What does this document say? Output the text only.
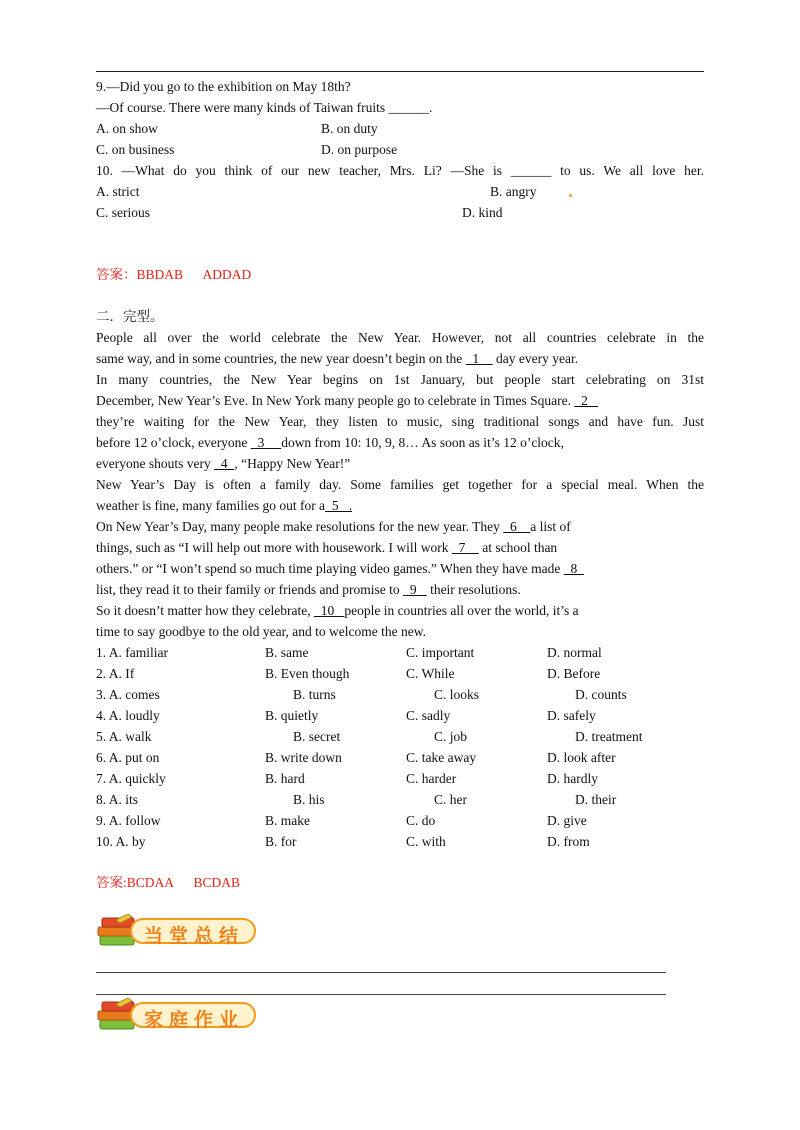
9.—Did you go to the exhibition on May 18th?
—Of course. There were many kinds of Taiwan fruits ______.
A. on show	B. on duty
C. on business	D. on purpose
10. —What do you think of our new teacher, Mrs. Li? —She is ______ to us. We all love her.
A. strict	B. angry
C. serious	D. kind
答案：BBDAB      ADDAD
二．完型。
People all over the world celebrate the New Year. However, not all countries celebrate in the
same way, and in some countries, the new year doesn’t begin on the   1     day every year.
In many countries, the New Year begins on 1st January, but people start celebrating on 31st
December, New Year’s Eve. In New York many people go to celebrate in Times Square.   2
they’re waiting for the New Year, they listen to music, sing traditional songs and have fun. Just
before 12 o’clock, everyone   3     down from 10: 10, 9, 8… As soon as it’s 12 o’clock,
everyone shouts very   4  , “Happy New Year!”
New Year’s Day is often a family day. Some families get together for a special meal. When the
weather is fine, many families go out for a  5   .
On New Year’s Day, many people make resolutions for the new year. They   6    a list of
things, such as “I will help out more with housework. I will work   7     at school than
others.” or “I won’t spend so much time playing video games.” When they have made   8
list, they read it to their family or friends and promise to   9    their resolutions.
So it doesn’t matter how they celebrate,   10   people in countries all over the world, it’s a
time to say goodbye to the old year, and to welcome the new.
1. A. familiar	B. same	C. important	D. normal
2. A. If	B. Even though	C. While	D. Before
3. A. comes	B. turns	C. looks	D. counts
4. A. loudly	B. quietly	C. sadly	D. safely
5. A. walk	B. secret	C. job	D. treatment
6. A. put on	B. write down	C. take away	D. look after
7. A. quickly	B. hard	C. harder	D. hardly
8. A. its	B. his	C. her	D. their
9. A. follow	B. make	C. do	D. give
10. A. by	B. for	C. with	D. from
答案:BCDAA      BCDAB
当堂总结
家庭作业
